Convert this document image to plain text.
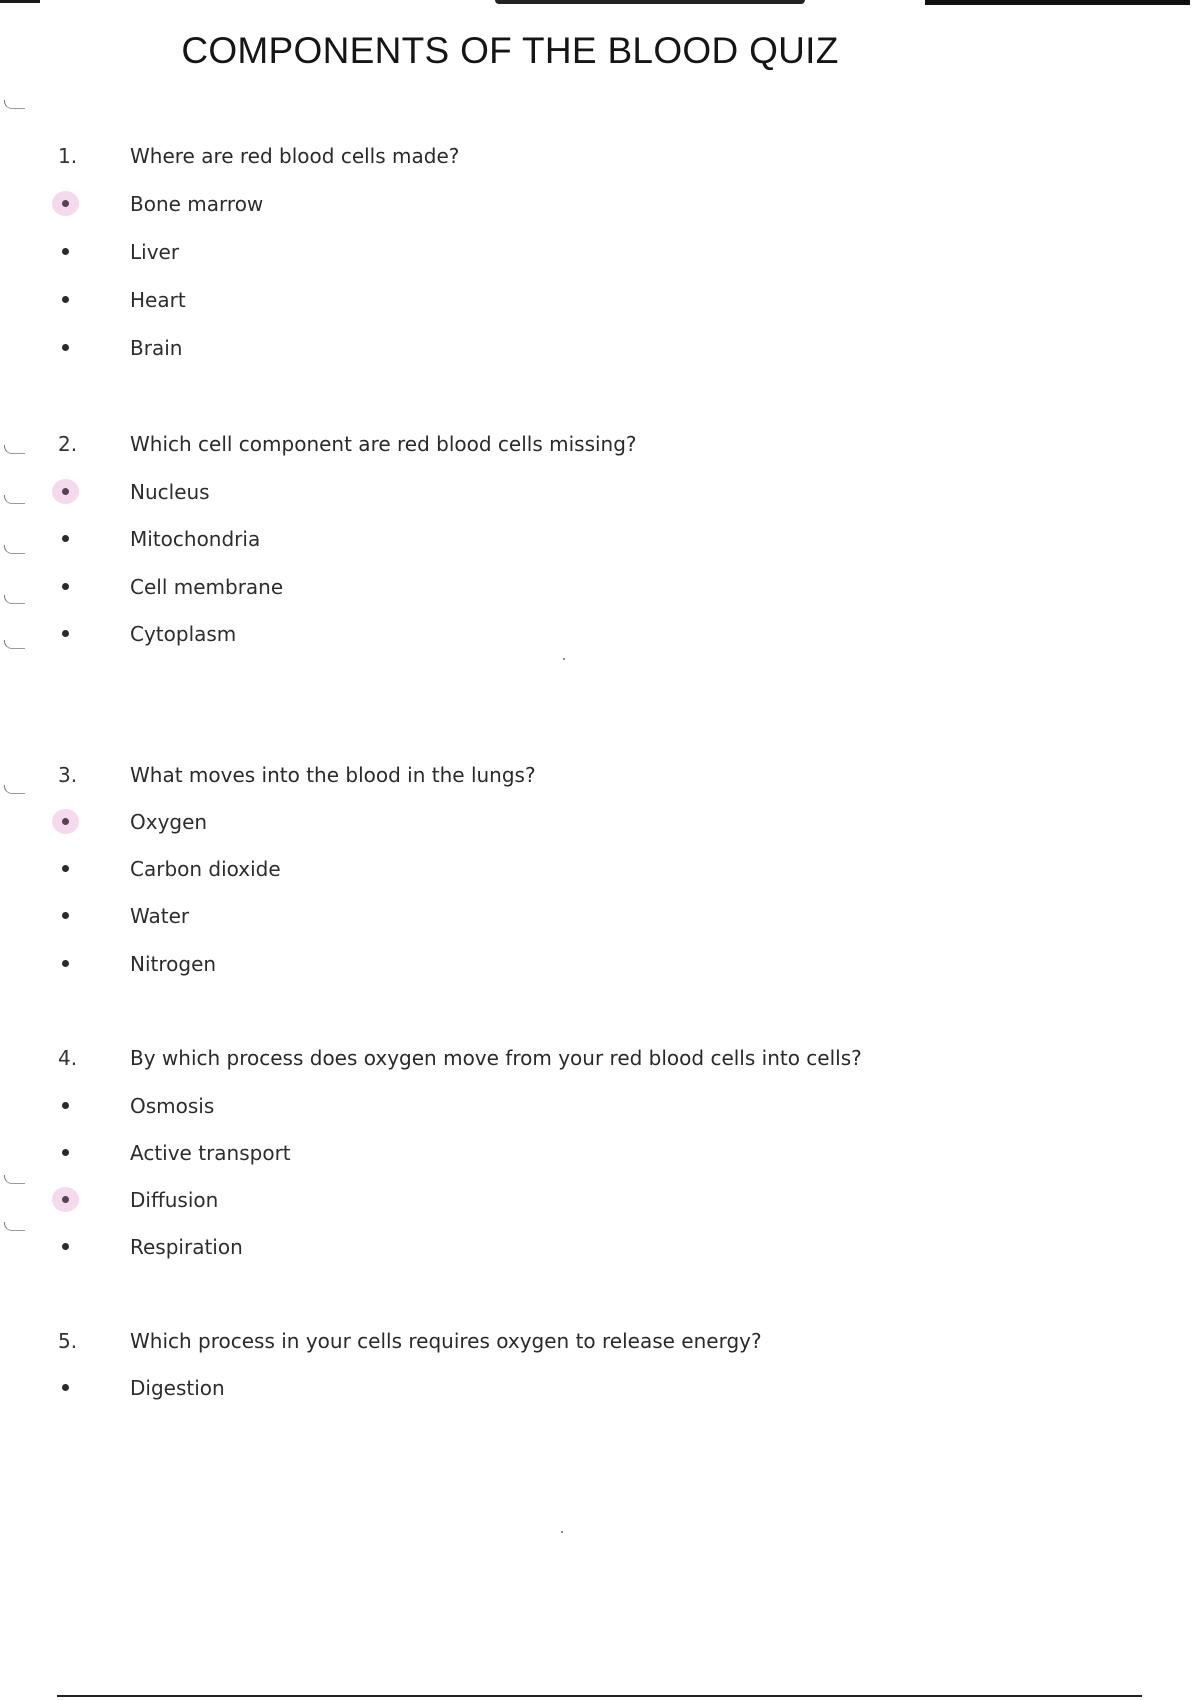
COMPONENTS OF THE BLOOD QUIZ
1.	Where are red blood cells made?
Bone marrow
Liver
Heart
Brain
2.	Which cell component are red blood cells missing?
Nucleus
Mitochondria
Cell membrane
Cytoplasm
3.	What moves into the blood in the lungs?
Oxygen
Carbon dioxide
Water
Nitrogen
4.	By which process does oxygen move from your red blood cells into cells?
Osmosis
Active transport
Diffusion
Respiration
5.	Which process in your cells requires oxygen to release energy?
Digestion
